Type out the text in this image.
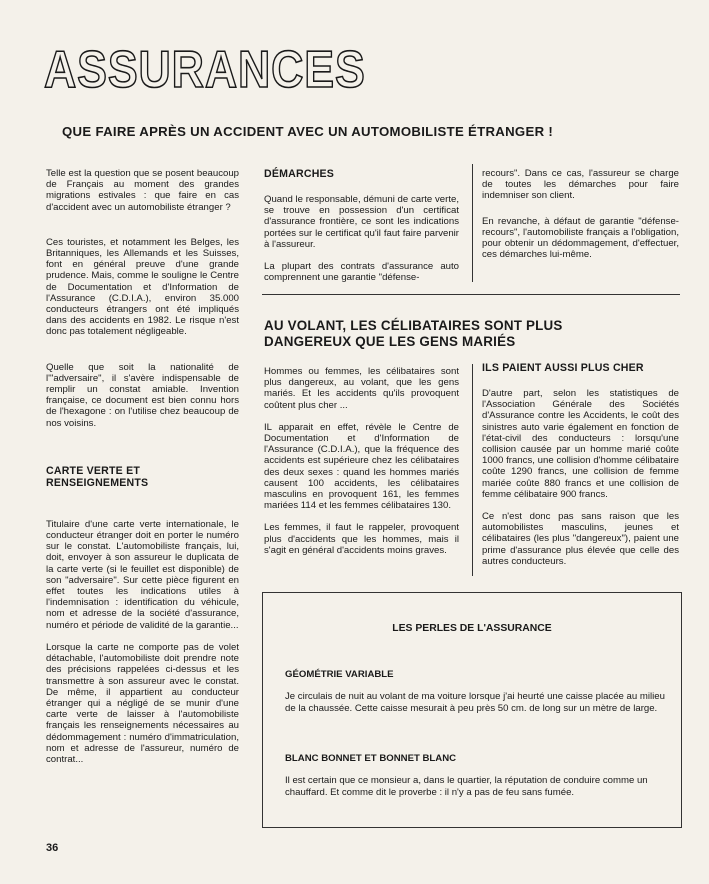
ASSURANCES
QUE FAIRE APRÈS UN ACCIDENT AVEC UN AUTOMOBILISTE ÉTRANGER !

Telle est la question que se posent beaucoup de Français au moment des grandes migrations estivales : que faire en cas d'accident avec un automobiliste étranger ?

Ces touristes, et notamment les Belges, les Britanniques, les Allemands et les Suisses, font en général preuve d'une grande prudence. Mais, comme le souligne le Centre de Documentation et d'Information de l'Assurance (C.D.I.A.), environ 35.000 conducteurs étrangers ont été impliqués dans des accidents en 1982. Le risque n'est donc pas totalement négligeable.

Quelle que soit la nationalité de l'"adversaire", il s'avère indispensable de remplir un constat amiable. Invention française, ce document est bien connu hors de l'hexagone : on l'utilise chez beaucoup de nos voisins.

CARTE VERTE ET RENSEIGNEMENTS

Titulaire d'une carte verte internationale, le conducteur étranger doit en porter le numéro sur le constat. L'automobiliste français, lui, doit, envoyer à son assureur le duplicata de la carte verte (si le feuillet est disponible) de son "adversaire". Sur cette pièce figurent en effet toutes les indications utiles à l'indemnisation : identification du véhicule, nom et adresse de la société d'assurance, numéro et période de validité de la garantie...

Lorsque la carte ne comporte pas de volet détachable, l'automobiliste doit prendre note des précisions rappelées ci-dessus et les transmettre à son assureur avec le constat. De même, il appartient au conducteur étranger qui a négligé de se munir d'une carte verte de laisser à l'automobiliste français les renseignements nécessaires au dédommagement : numéro d'immatriculation, nom et adresse de l'assureur, numéro de contrat...

DÉMARCHES

Quand le responsable, démuni de carte verte, se trouve en possession d'un certificat d'assurance frontière, ce sont les indications portées sur le certificat qu'il faut faire parvenir à l'assureur.

La plupart des contrats d'assurance auto comprennent une garantie "défense-

recours". Dans ce cas, l'assureur se charge de toutes les démarches pour faire indemniser son client.

En revanche, à défaut de garantie "défense-recours", l'automobiliste français a l'obligation, pour obtenir un dédommagement, d'effectuer, ces démarches lui-même.

AU VOLANT, LES CÉLIBATAIRES SONT PLUS DANGEREUX QUE LES GENS MARIÉS

Hommes ou femmes, les célibataires sont plus dangereux, au volant, que les gens mariés. Et les accidents qu'ils provoquent coûtent plus cher ...

IL apparait en effet, révèle le Centre de Documentation et d'Information de l'Assurance (C.D.I.A.), que la fréquence des accidents est supérieure chez les célibataires des deux sexes : quand les hommes mariés causent 100 accidents, les célibataires masculins en provoquent 161, les femmes mariées 114 et les femmes célibataires 130.

Les femmes, il faut le rappeler, provoquent plus d'accidents que les hommes, mais il s'agit en général d'accidents moins graves.

ILS PAIENT AUSSI PLUS CHER

D'autre part, selon les statistiques de l'Association Générale des Sociétés d'Assurance contre les Accidents, le coût des sinistres auto varie également en fonction de l'état-civil des conducteurs : lorsqu'une collision causée par un homme marié coûte 1000 francs, une collision d'homme célibataire coûte 1290 francs, une collision de femme mariée coûte 880 francs et une collision de femme célibataire 900 francs.

Ce n'est donc pas sans raison que les automobilistes masculins, jeunes et célibataires (les plus "dangereux"), paient une prime d'assurance plus élevée que celle des autres conducteurs.

LES PERLES DE L'ASSURANCE
GÉOMÉTRIE VARIABLE
Je circulais de nuit au volant de ma voiture lorsque j'ai heurté une caisse placée au milieu de la chaussée. Cette caisse mesurait à peu près 50 cm. de long sur un mètre de large.
BLANC BONNET ET BONNET BLANC
Il est certain que ce monsieur a, dans le quartier, la réputation de conduire comme un chauffard. Et comme dit le proverbe : il n'y a pas de feu sans fumée.
36
